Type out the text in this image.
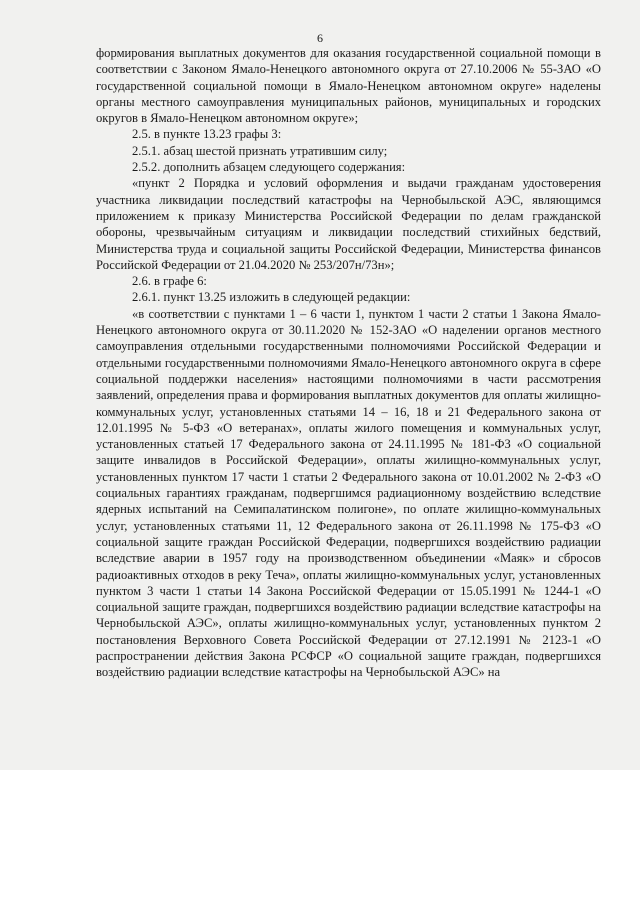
6

формирования выплатных документов для оказания государственной социальной помощи в соответствии с Законом Ямало-Ненецкого автономного округа от 27.10.2006 № 55-ЗАО «О государственной социальной помощи в Ямало-Ненецком автономном округе» наделены органы местного самоуправления муниципальных районов, муниципальных и городских округов в Ямало-Ненецком автономном округе»;

2.5. в пункте 13.23 графы 3:

2.5.1. абзац шестой признать утратившим силу;

2.5.2. дополнить абзацем следующего содержания:

«пункт 2 Порядка и условий оформления и выдачи гражданам удостоверения участника ликвидации последствий катастрофы на Чернобыльской АЭС, являющимся приложением к приказу Министерства Российской Федерации по делам гражданской обороны, чрезвычайным ситуациям и ликвидации последствий стихийных бедствий, Министерства труда и социальной защиты Российской Федерации, Министерства финансов Российской Федерации от 21.04.2020 № 253/207н/73н»;

2.6. в графе 6:

2.6.1. пункт 13.25 изложить в следующей редакции:

«в соответствии с пунктами 1 – 6 части 1, пунктом 1 части 2 статьи 1 Закона Ямало-Ненецкого автономного округа от 30.11.2020 № 152-ЗАО «О наделении органов местного самоуправления отдельными государственными полномочиями Российской Федерации и отдельными государственными полномочиями Ямало-Ненецкого автономного округа в сфере социальной поддержки населения» настоящими полномочиями в части рассмотрения заявлений, определения права и формирования выплатных документов для оплаты жилищно-коммунальных услуг, установленных статьями 14 – 16, 18 и 21 Федерального закона от 12.01.1995 № 5-ФЗ «О ветеранах», оплаты жилого помещения и коммунальных услуг, установленных статьей 17 Федерального закона от 24.11.1995 № 181-ФЗ «О социальной защите инвалидов в Российской Федерации», оплаты жилищно-коммунальных услуг, установленных пунктом 17 части 1 статьи 2 Федерального закона от 10.01.2002 № 2-ФЗ «О социальных гарантиях гражданам, подвергшимся радиационному воздействию вследствие ядерных испытаний на Семипалатинском полигоне», по оплате жилищно-коммунальных услуг, установленных статьями 11, 12 Федерального закона от 26.11.1998 № 175-ФЗ «О социальной защите граждан Российской Федерации, подвергшихся воздействию радиации вследствие аварии в 1957 году на производственном объединении «Маяк» и сбросов радиоактивных отходов в реку Теча», оплаты жилищно-коммунальных услуг, установленных пунктом 3 части 1 статьи 14 Закона Российской Федерации от 15.05.1991 № 1244-1 «О социальной защите граждан, подвергшихся воздействию радиации вследствие катастрофы на Чернобыльской АЭС», оплаты жилищно-коммунальных услуг, установленных пунктом 2 постановления Верховного Совета Российской Федерации от 27.12.1991 № 2123-1 «О распространении действия Закона РСФСР «О социальной защите граждан, подвергшихся воздействию радиации вследствие катастрофы на Чернобыльской АЭС» на
